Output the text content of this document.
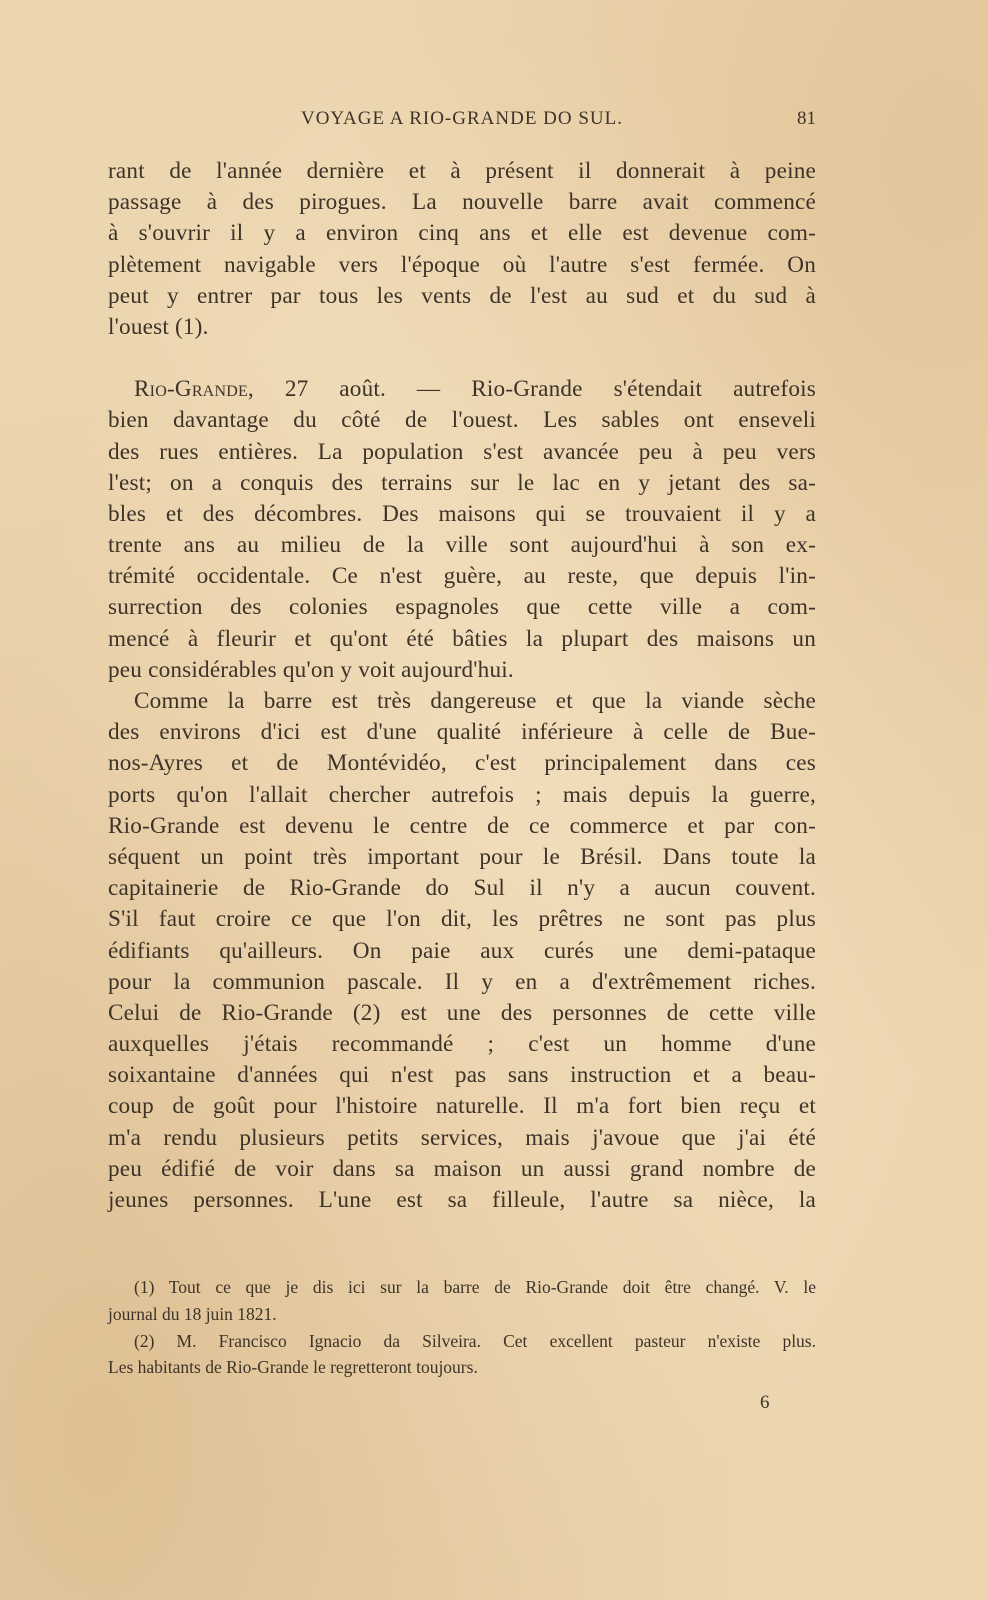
VOYAGE A RIO-GRANDE DO SUL.	81
rant de l'année dernière et à présent il donnerait à peine
passage à des pirogues. La nouvelle barre avait commencé
à s'ouvrir il y a environ cinq ans et elle est devenue com-
plètement navigable vers l'époque où l'autre s'est fermée. On
peut y entrer par tous les vents de l'est au sud et du sud à
l'ouest (1).
Rio-Grande, 27 août. — Rio-Grande s'étendait autrefois
bien davantage du côté de l'ouest. Les sables ont enseveli
des rues entières. La population s'est avancée peu à peu vers
l'est; on a conquis des terrains sur le lac en y jetant des sa-
bles et des décombres. Des maisons qui se trouvaient il y a
trente ans au milieu de la ville sont aujourd'hui à son ex-
trémité occidentale. Ce n'est guère, au reste, que depuis l'in-
surrection des colonies espagnoles que cette ville a com-
mencé à fleurir et qu'ont été bâties la plupart des maisons un
peu considérables qu'on y voit aujourd'hui.
Comme la barre est très dangereuse et que la viande sèche
des environs d'ici est d'une qualité inférieure à celle de Bue-
nos-Ayres et de Montévidéo, c'est principalement dans ces
ports qu'on l'allait chercher autrefois ; mais depuis la guerre,
Rio-Grande est devenu le centre de ce commerce et par con-
séquent un point très important pour le Brésil. Dans toute la
capitainerie de Rio-Grande do Sul il n'y a aucun couvent.
S'il faut croire ce que l'on dit, les prêtres ne sont pas plus
édifiants qu'ailleurs. On paie aux curés une demi-pataque
pour la communion pascale. Il y en a d'extrêmement riches.
Celui de Rio-Grande (2) est une des personnes de cette ville
auxquelles j'étais recommandé ; c'est un homme d'une
soixantaine d'années qui n'est pas sans instruction et a beau-
coup de goût pour l'histoire naturelle. Il m'a fort bien reçu et
m'a rendu plusieurs petits services, mais j'avoue que j'ai été
peu édifié de voir dans sa maison un aussi grand nombre de
jeunes personnes. L'une est sa filleule, l'autre sa nièce, la
(1) Tout ce que je dis ici sur la barre de Rio-Grande doit être changé. V. le
journal du 18 juin 1821.
(2) M. Francisco Ignacio da Silveira. Cet excellent pasteur n'existe plus.
Les habitants de Rio-Grande le regretteront toujours.
6
